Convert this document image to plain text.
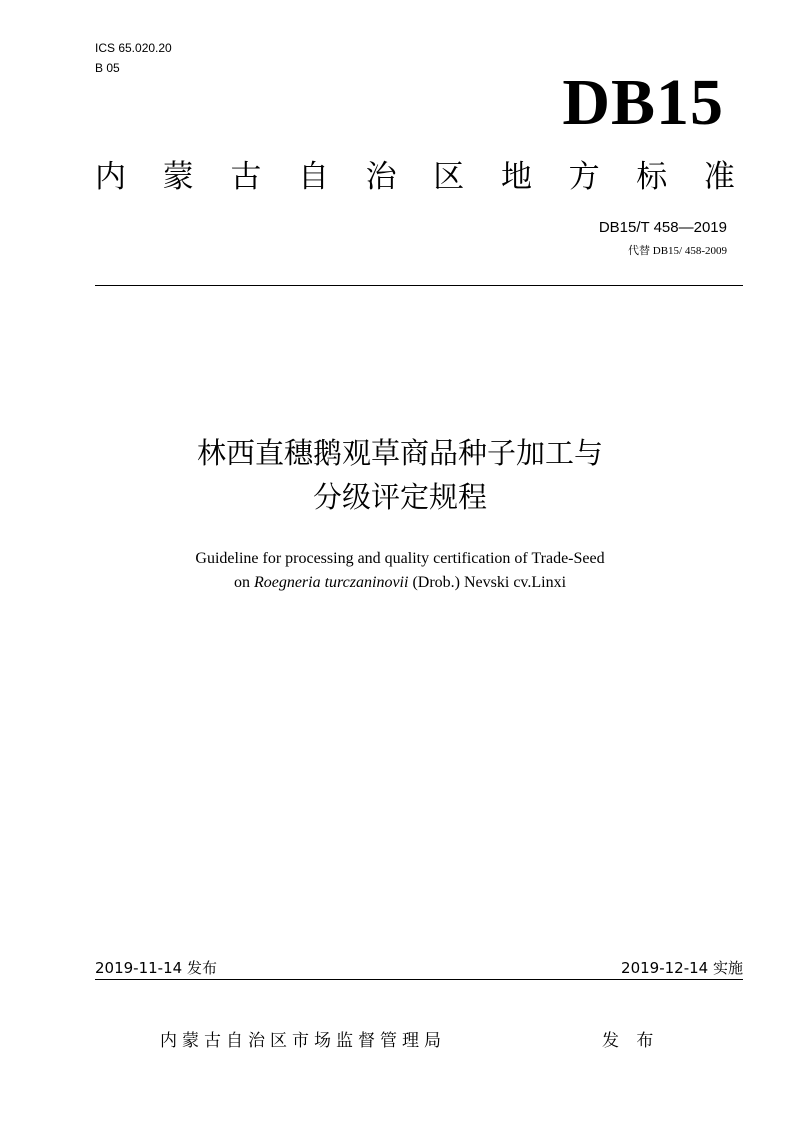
ICS 65.020.20
B 05	DB15
内 蒙 古 自 治 区 地 方 标 准
DB15/T 458—2019
代替 DB15/ 458-2009
林西直穗鹅观草商品种子加工与
分级评定规程
Guideline for processing and quality certification of Trade-Seed
on Roegneria turczaninovii (Drob.) Nevski cv.Linxi
2019-11-14 发布	2019-12-14 实施
内蒙古自治区市场监督管理局	发 布
